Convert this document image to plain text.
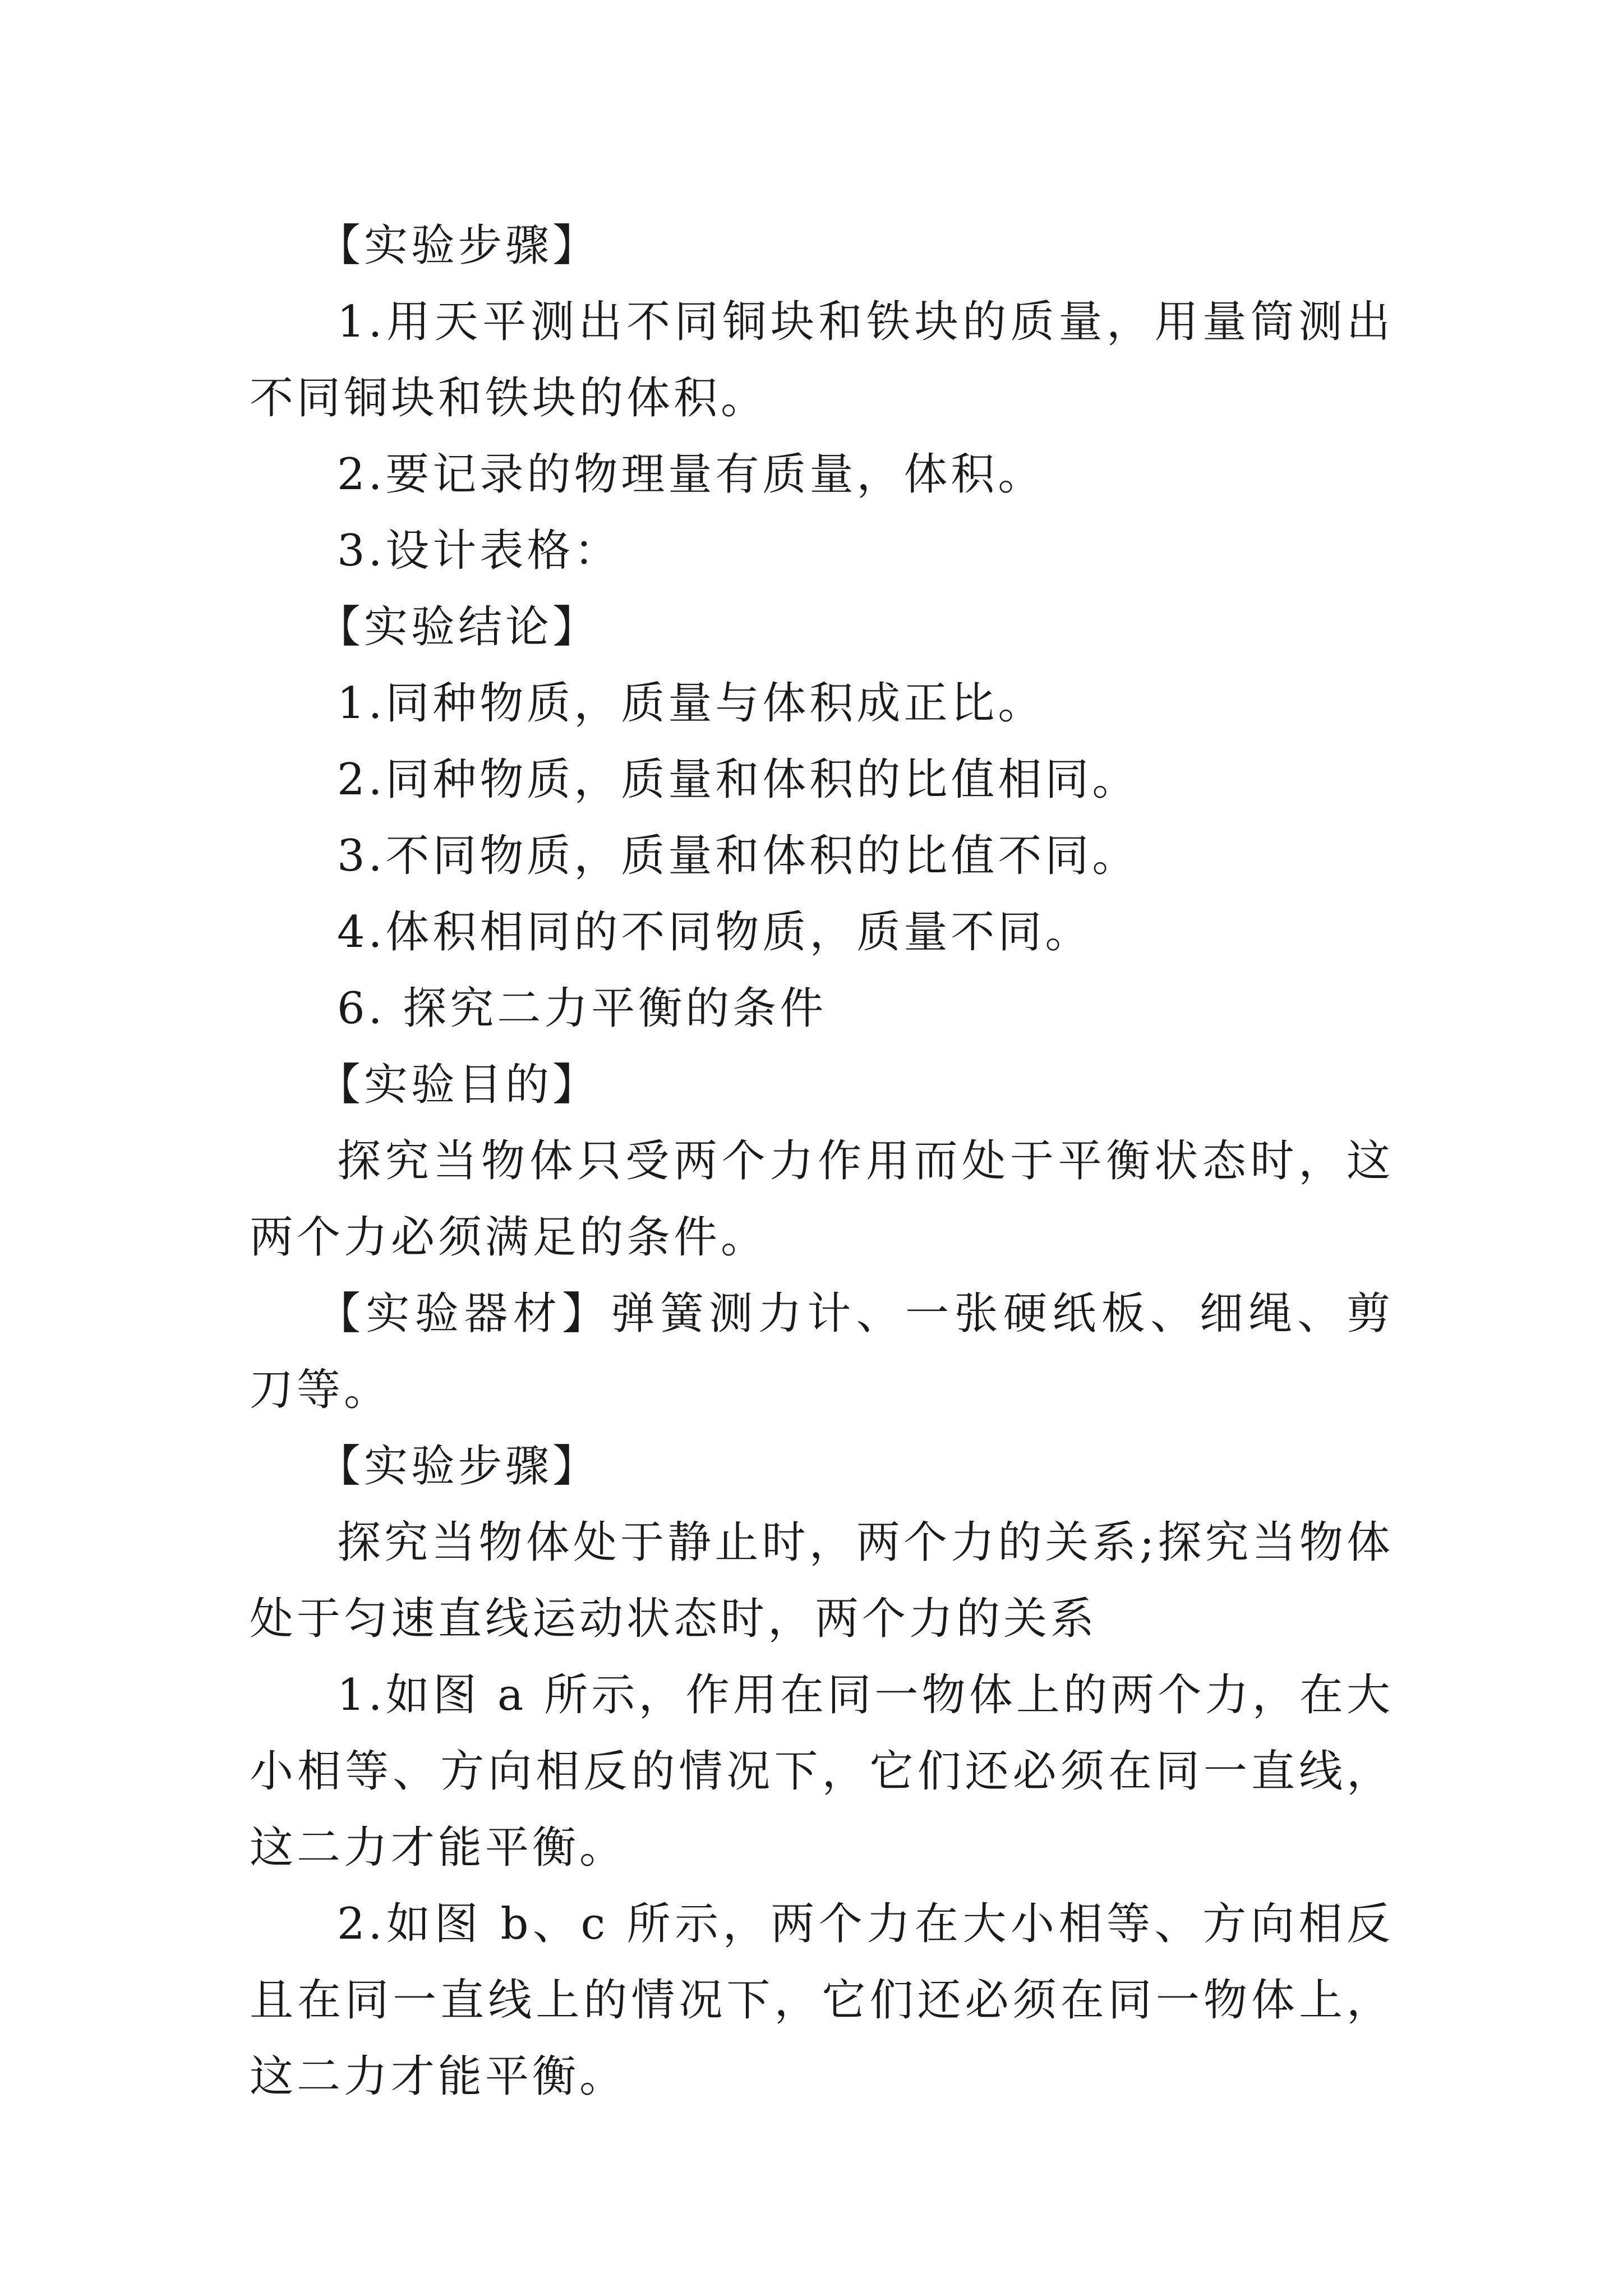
【实验步骤】

1.用天平测出不同铜块和铁块的质量，用量筒测出不同铜块和铁块的体积。

2.要记录的物理量有质量，体积。

3.设计表格：

【实验结论】

1.同种物质，质量与体积成正比。

2.同种物质，质量和体积的比值相同。

3.不同物质，质量和体积的比值不同。

4.体积相同的不同物质，质量不同。

6. 探究二力平衡的条件

【实验目的】

探究当物体只受两个力作用而处于平衡状态时，这两个力必须满足的条件。

【实验器材】弹簧测力计、一张硬纸板、细绳、剪刀等。

【实验步骤】

探究当物体处于静止时，两个力的关系;探究当物体处于匀速直线运动状态时，两个力的关系

1.如图 a 所示，作用在同一物体上的两个力，在大小相等、方向相反的情况下，它们还必须在同一直线，这二力才能平衡。

2.如图 b、c 所示，两个力在大小相等、方向相反且在同一直线上的情况下，它们还必须在同一物体上，这二力才能平衡。
